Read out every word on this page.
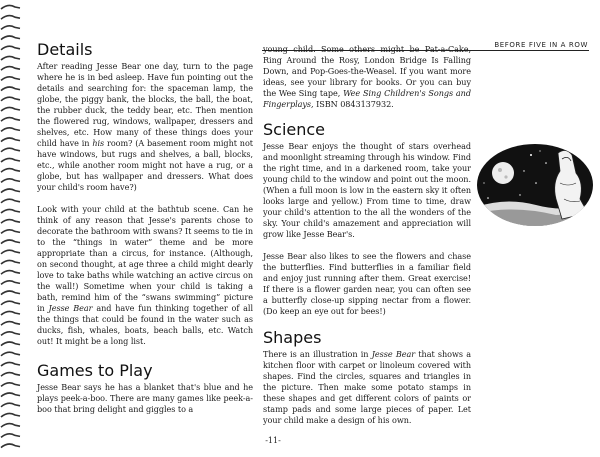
BEFORE FIVE IN A ROW
Details

After reading Jesse Bear one day, turn to the page where he is in bed asleep. Have fun pointing out the details and searching for: the spaceman lamp, the globe, the piggy bank, the blocks, the ball, the boat, the rubber duck, the teddy bear, etc. Then mention the flowered rug, windows, wallpaper, dressers and shelves, etc. How many of these things does your child have in his room? (A basement room might not have windows, but rugs and shelves, a ball, blocks, etc., while another room might not have a rug, or a globe, but has wallpaper and dressers. What does your child's room have?)

Look with your child at the bathtub scene. Can he think of any reason that Jesse's parents chose to decorate the bathroom with swans? It seems to tie in to the “things in water” theme and be more appropriate than a circus, for instance. (Although, on second thought, at age three a child might dearly love to take baths while watching an active circus on the wall!) Sometime when your child is taking a bath, remind him of the “swans swimming” picture in Jesse Bear and have fun thinking together of all the things that could be found in the water such as ducks, fish, whales, boats, beach balls, etc. Watch out! It might be a long list.

Games to Play

Jesse Bear says he has a blanket that's blue and he plays peek-a-boo. There are many games like peek-a-boo that bring delight and giggles to a

young child. Some others might be Pat-a-Cake, Ring Around the Rosy, London Bridge Is Falling Down, and Pop-Goes-the-Weasel. If you want more ideas, see your library for books. Or you can buy the Wee Sing tape, Wee Sing Children's Songs and Fingerplays, ISBN 0843137932.

Science

Jesse Bear enjoys the thought of stars overhead and moonlight streaming through his window. Find the right time, and in a darkened room, take your young child to the window and point out the moon. (When a full moon is low in the eastern sky it often looks large and yellow.) From time to time, draw your child's attention to the all the wonders of the sky. Your child's amazement and appreciation will grow like Jesse Bear's.

Jesse Bear also likes to see the flowers and chase the butterflies. Find butterflies in a familiar field and enjoy just running after them. Great exercise! If there is a flower garden near, you can often see a butterfly close-up sipping nectar from a flower. (Do keep an eye out for bees!)

Shapes

There is an illustration in Jesse Bear that shows a kitchen floor with carpet or linoleum covered with shapes. Find the circles, squares and triangles in the picture. Then make some potato stamps in these shapes and get different colors of paints or stamp pads and some large pieces of paper. Let your child make a design of his own.

-11-
